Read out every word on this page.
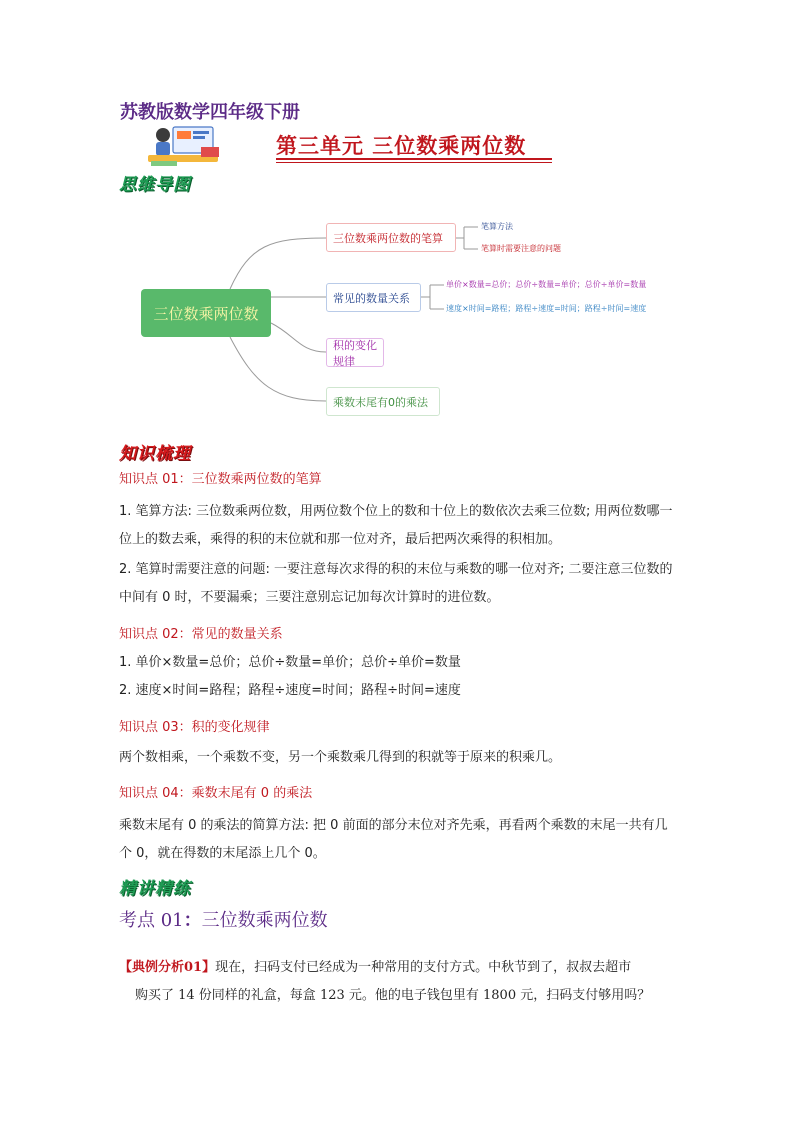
苏教版数学四年级下册
第三单元 三位数乘两位数
思维导图
三位数乘两位数
三位数乘两位数的笔算
常见的数量关系
积的变化规律
乘数末尾有0的乘法
笔算方法
笔算时需要注意的问题
单价×数量=总价；总价÷数量=单价；总价÷单价=数量
速度×时间=路程；路程÷速度=时间；路程÷时间=速度
知识梳理
知识点 01：三位数乘两位数的笔算
1. 笔算方法: 三位数乘两位数，用两位数个位上的数和十位上的数依次去乘三位数; 用两位数哪一位上的数去乘，乘得的积的末位就和那一位对齐，最后把两次乘得的积相加。
2. 笔算时需要注意的问题: 一要注意每次求得的积的末位与乘数的哪一位对齐; 二要注意三位数的中间有 0 时，不要漏乘；三要注意别忘记加每次计算时的进位数。
知识点 02：常见的数量关系
1. 单价×数量=总价；总价÷数量=单价；总价÷单价=数量
2. 速度×时间=路程；路程÷速度=时间；路程÷时间=速度
知识点 03：积的变化规律
两个数相乘，一个乘数不变，另一个乘数乘几得到的积就等于原来的积乘几。
知识点 04：乘数末尾有 0 的乘法
乘数末尾有 0 的乘法的简算方法: 把 0 前面的部分末位对齐先乘，再看两个乘数的末尾一共有几个 0，就在得数的末尾添上几个 0。
精讲精练
考点 01：三位数乘两位数
【典例分析01】现在，扫码支付已经成为一种常用的支付方式。中秋节到了，叔叔去超市
购买了 14 份同样的礼盒，每盒 123 元。他的电子钱包里有 1800 元，扫码支付够用吗？
